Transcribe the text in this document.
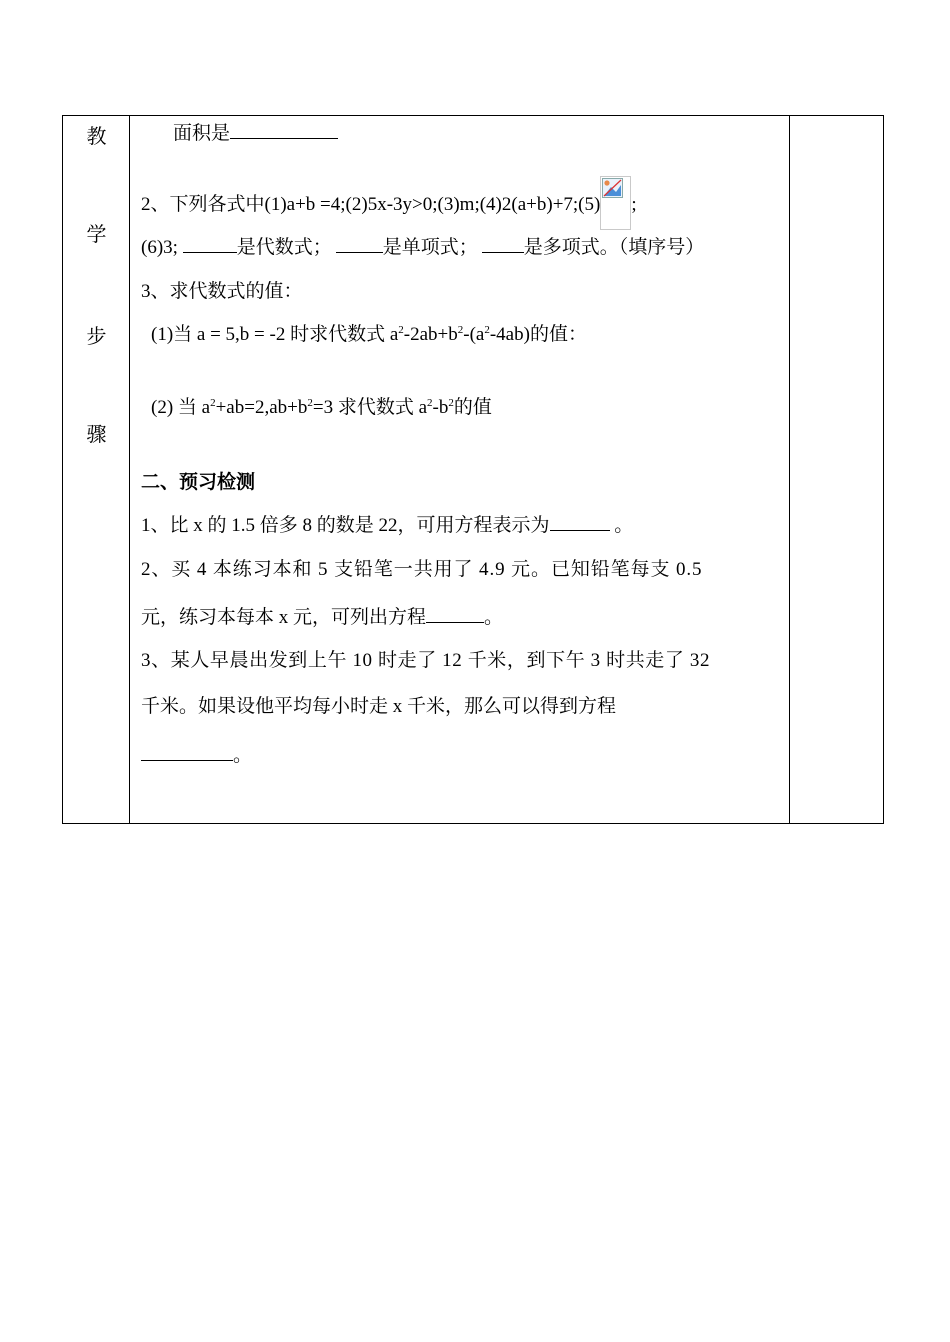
教
学
步
骤
面积是
2、下列各式中(1)a+b =4;(2)5x-3y>0;(3)m;(4)2(a+b)+7;(5) ;
(6)3;	是代数式；	是单项式； 是多项式。（填序号）
3、求代数式的值：
(1)当 a = 5,b = -2 时求代数式 $a^2-2ab+b^2-(a^2-4ab)$的值：
(2) 当 $a^2+ab=2,ab+b^2=3$ 求代数式 $a^2-b^2$的值
二、预习检测
1、比 x 的 1.5 倍多 8 的数是 22，可用方程表示为	。
2、买 4 本练习本和 5 支铅笔一共用了 4.9 元。已知铅笔每支 0.5
元，练习本每本 x 元，可列出方程	。
3、某人早晨出发到上午 10 时走了 12 千米，到下午 3 时共走了 32
千米。如果设他平均每小时走 x 千米，那么可以得到方程
。
